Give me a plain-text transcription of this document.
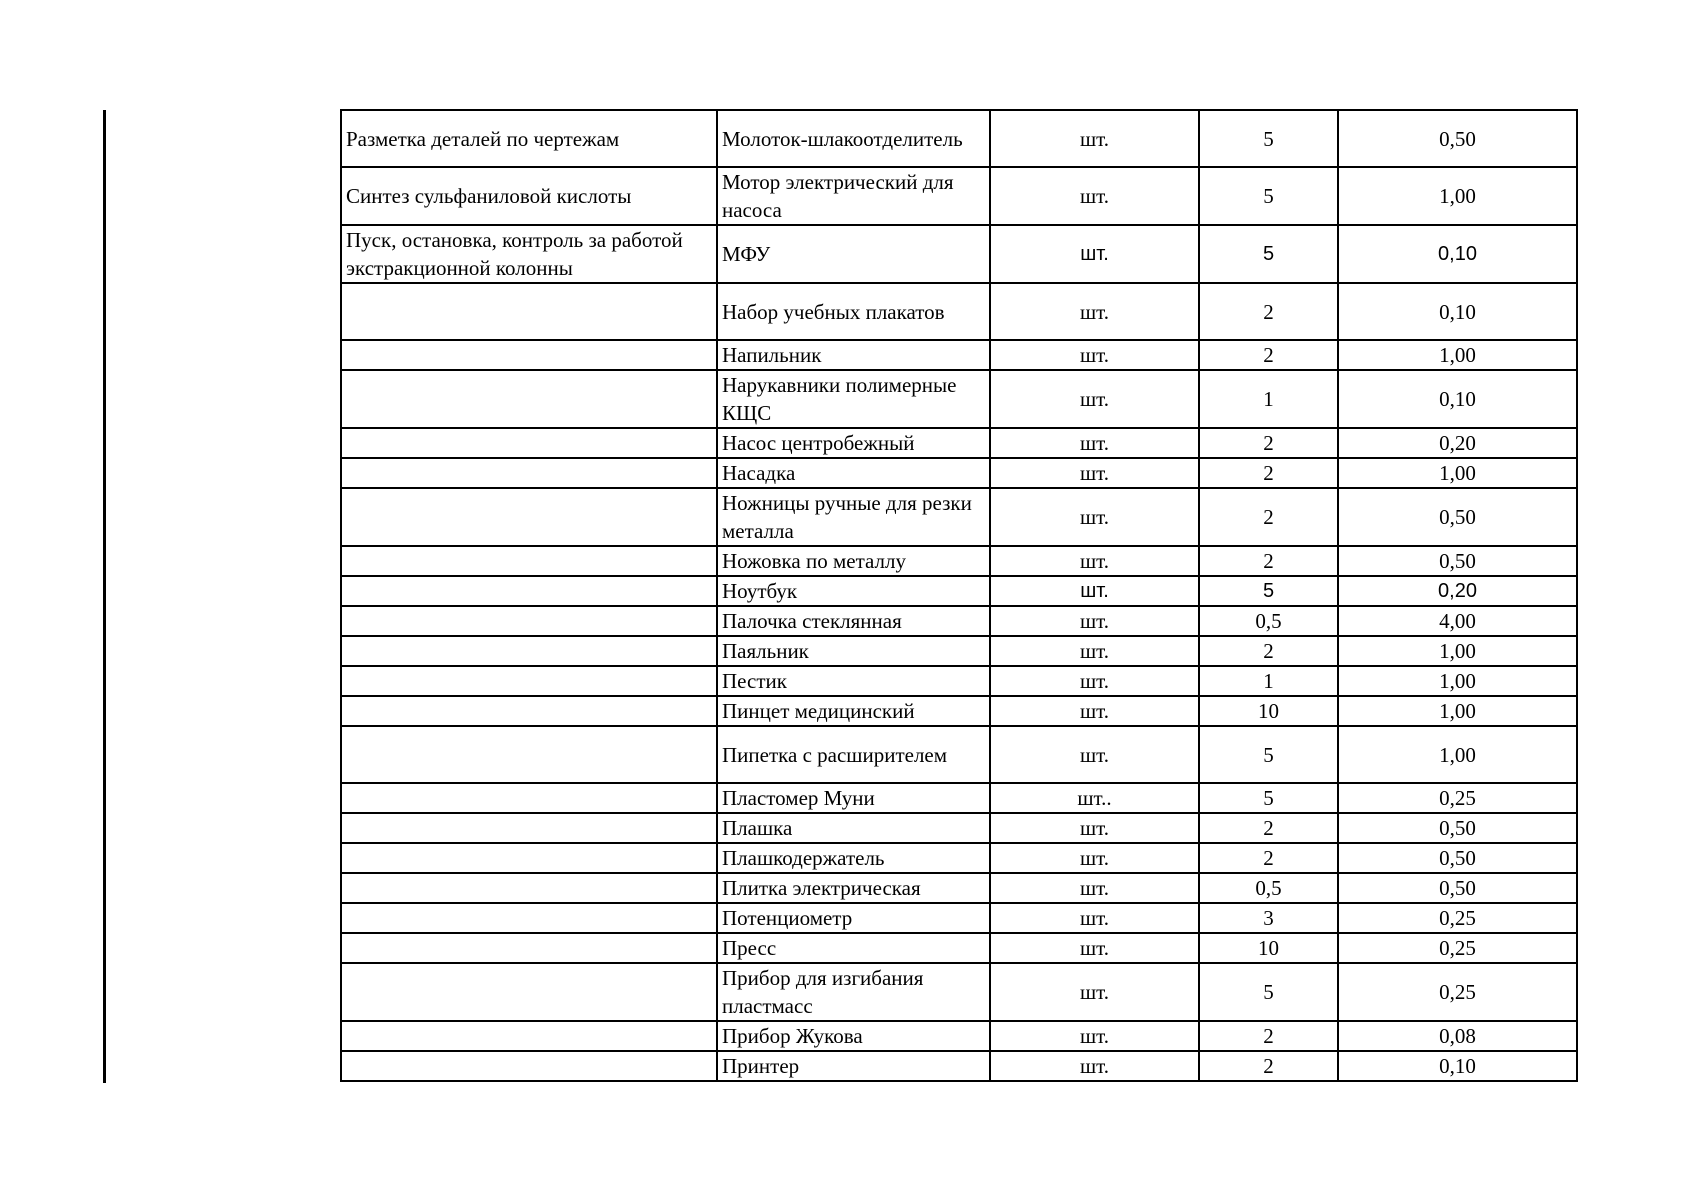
Разметка деталей по чертежам	Молоток-шлакоотделитель	шт.	5	0,50
Синтез сульфаниловой кислоты	Мотор электрический для насоса	шт.	5	1,00
Пуск, остановка, контроль за работой экстракционной колонны	МФУ	шт.	5	0,10
	Набор учебных плакатов	шт.	2	0,10
	Напильник	шт.	2	1,00
	Нарукавники полимерные КЩС	шт.	1	0,10
	Насос центробежный	шт.	2	0,20
	Насадка	шт.	2	1,00
	Ножницы ручные для резки металла	шт.	2	0,50
	Ножовка по металлу	шт.	2	0,50
	Ноутбук	шт.	5	0,20
	Палочка стеклянная	шт.	0,5	4,00
	Паяльник	шт.	2	1,00
	Пестик	шт.	1	1,00
	Пинцет медицинский	шт.	10	1,00
	Пипетка с расширителем	шт.	5	1,00
	Пластомер Муни	шт..	5	0,25
	Плашка	шт.	2	0,50
	Плашкодержатель	шт.	2	0,50
	Плитка электрическая	шт.	0,5	0,50
	Потенциометр	шт.	3	0,25
	Пресс	шт.	10	0,25
	Прибор для изгибания пластмасс	шт.	5	0,25
	Прибор Жукова	шт.	2	0,08
	Принтер	шт.	2	0,10
